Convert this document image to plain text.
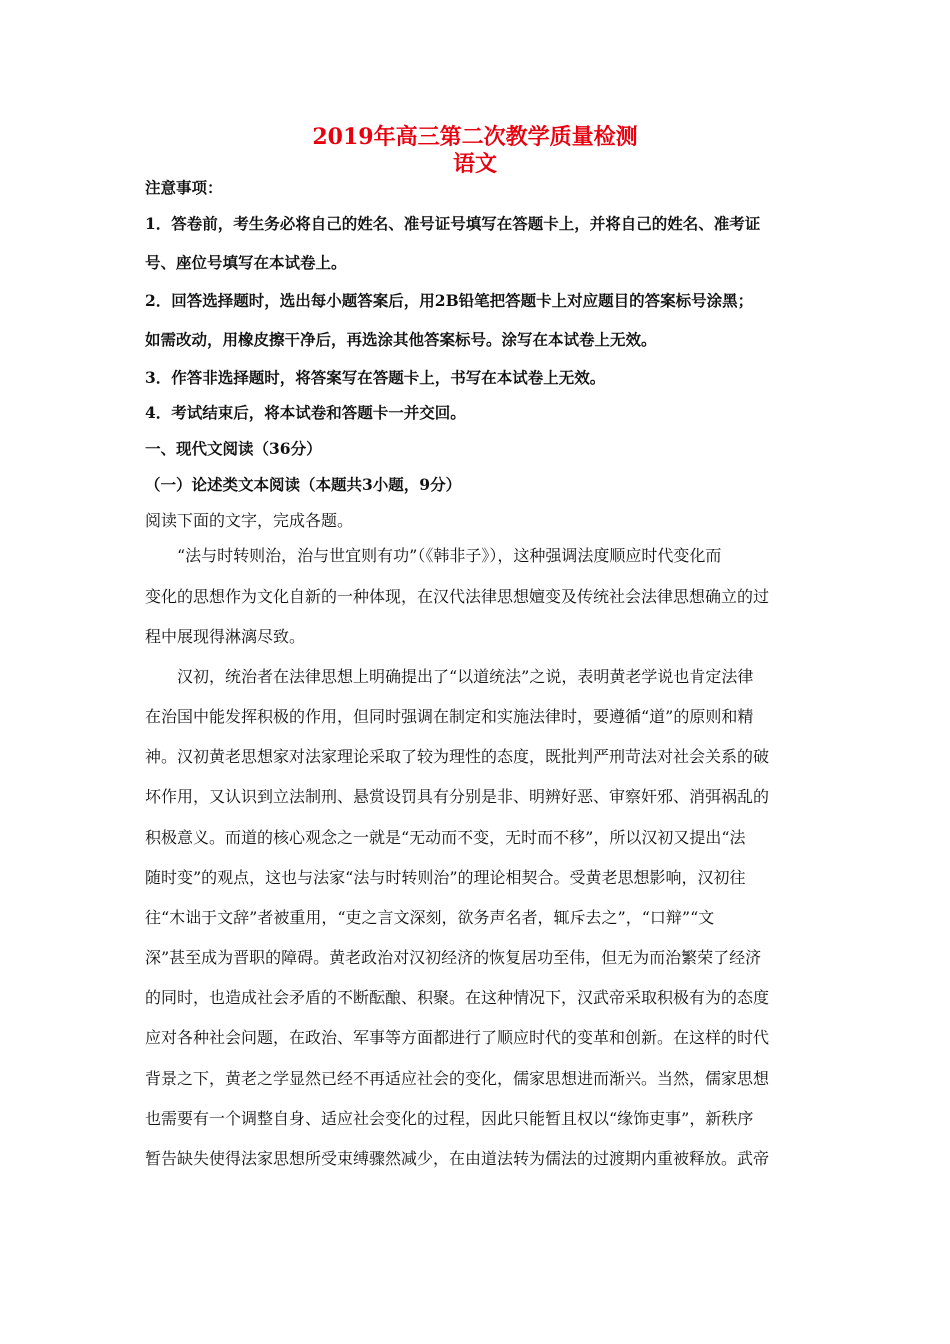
2019年高三第二次教学质量检测
语文

注意事项：

1．答卷前，考生务必将自己的姓名、准号证号填写在答题卡上，并将自己的姓名、准考证

号、座位号填写在本试卷上。

2．回答选择题时，选出每小题答案后，用2B铅笔把答题卡上对应题目的答案标号涂黑；

如需改动，用橡皮擦干净后，再选涂其他答案标号。涂写在本试卷上无效。

3．作答非选择题时，将答案写在答题卡上，书写在本试卷上无效。

4．考试结束后，将本试卷和答题卡一并交回。

一、现代文阅读（36分）

（一）论述类文本阅读（本题共3小题，9分）

阅读下面的文字，完成各题。

“法与时转则治，治与世宜则有功”（《韩非子》），这种强调法度顺应时代变化而

变化的思想作为文化自新的一种体现，在汉代法律思想嬗变及传统社会法律思想确立的过

程中展现得淋漓尽致。

汉初，统治者在法律思想上明确提出了“以道统法”之说，表明黄老学说也肯定法律

在治国中能发挥积极的作用，但同时强调在制定和实施法律时，要遵循“道”的原则和精

神。汉初黄老思想家对法家理论采取了较为理性的态度，既批判严刑苛法对社会关系的破

坏作用，又认识到立法制刑、悬赏设罚具有分别是非、明辨好恶、审察奸邪、消弭祸乱的

积极意义。而道的核心观念之一就是“无动而不变，无时而不移”，所以汉初又提出“法

随时变”的观点，这也与法家“法与时转则治”的理论相契合。受黄老思想影响，汉初往

往“木诎于文辞”者被重用，“吏之言文深刻，欲务声名者，辄斥去之”，“口辩”“文

深”甚至成为晋职的障碍。黄老政治对汉初经济的恢复居功至伟，但无为而治繁荣了经济

的同时，也造成社会矛盾的不断酝酿、积聚。在这种情况下，汉武帝采取积极有为的态度

应对各种社会问题，在政治、军事等方面都进行了顺应时代的变革和创新。在这样的时代

背景之下，黄老之学显然已经不再适应社会的变化，儒家思想进而渐兴。当然，儒家思想

也需要有一个调整自身、适应社会变化的过程，因此只能暂且权以“缘饰吏事”，新秩序

暂告缺失使得法家思想所受束缚骤然减少，在由道法转为儒法的过渡期内重被释放。武帝
